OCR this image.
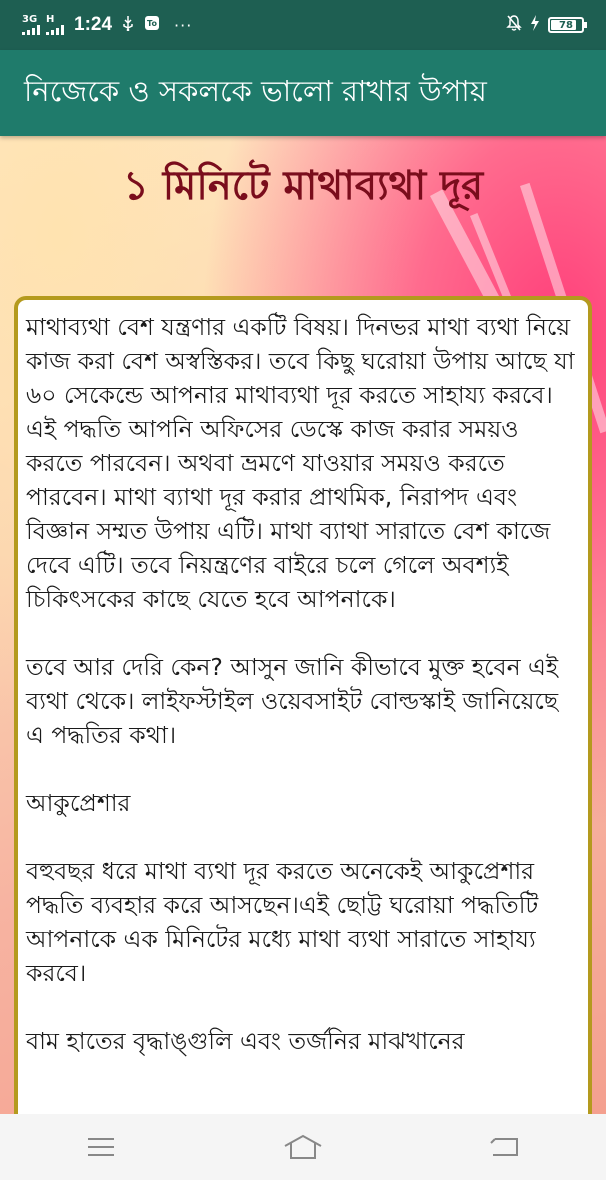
3G H 1:24	To ···	78
নিজেকে ও সকলকে ভালো রাখার উপায়
১ মিনিটে মাথাব্যথা দূর

মাথাব্যথা বেশ যন্ত্রণার একটি বিষয়। দিনভর মাথা ব্যথা নিয়ে কাজ করা বেশ অস্বস্তিকর। তবে কিছু ঘরোয়া উপায় আছে যা ৬০ সেকেন্ডে আপনার মাথাব্যথা দূর করতে সাহায্য করবে। এই পদ্ধতি আপনি অফিসের ডেস্কে কাজ করার সময়ও করতে পারবেন। অথবা ভ্রমণে যাওয়ার সময়ও করতে পারবেন। মাথা ব্যাথা দূর করার প্রাথমিক, নিরাপদ এবং বিজ্ঞান সম্মত উপায় এটি। মাথা ব্যাথা সারাতে বেশ কাজে দেবে এটি। তবে নিয়ন্ত্রণের বাইরে চলে গেলে অবশ্যই চিকিৎসকের কাছে যেতে হবে আপনাকে।

তবে আর দেরি কেন? আসুন জানি কীভাবে মুক্ত হবেন এই ব্যথা থেকে। লাইফস্টাইল ওয়েবসাইট বোল্ডস্কাই জানিয়েছে এ পদ্ধতির কথা।

আকুপ্রেশার

বহুবছর ধরে মাথা ব্যথা দূর করতে অনেকেই আকুপ্রেশার পদ্ধতি ব্যবহার করে আসছেন।এই ছোট্ট ঘরোয়া পদ্ধতিটি আপনাকে এক মিনিটের মধ্যে মাথা ব্যথা সারাতে সাহায্য করবে।

বাম হাতের বৃদ্ধাঙ্গুলি এবং তর্জনির মাঝখানের
